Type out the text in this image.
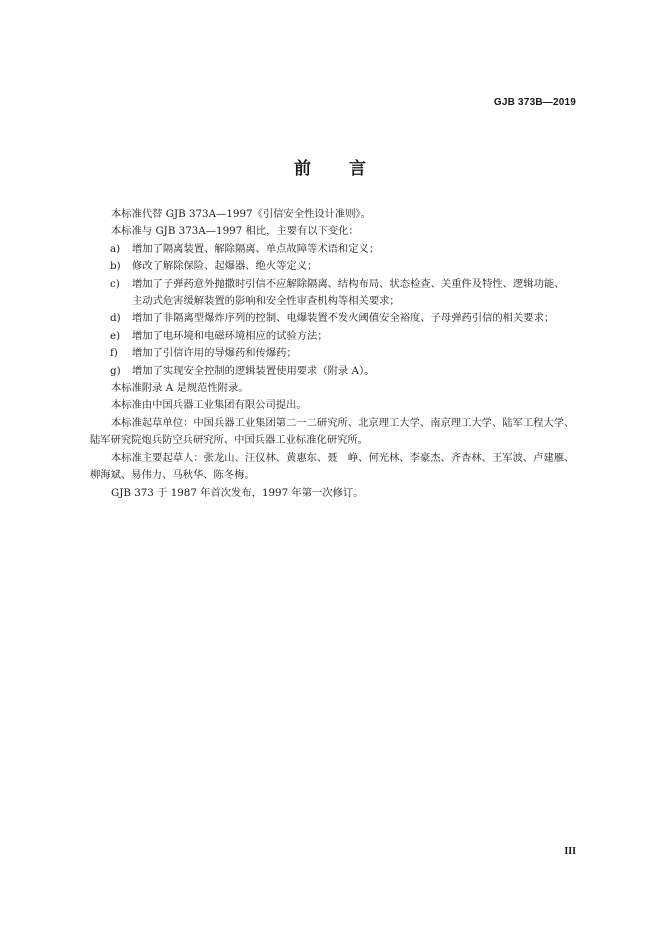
GJB 373B—2019
前 言

本标准代替 GJB 373A—1997《引信安全性设计准则》。

本标准与 GJB 373A—1997 相比，主要有以下变化：

a) 增加了隔离装置、解除隔离、单点故障等术语和定义；
b) 修改了解除保险、起爆器、绝火等定义；
c) 增加了子弹药意外抛撒时引信不应解除隔离、结构布局、状态检查、关重件及特性、逻辑功能、
主动式危害缓解装置的影响和安全性审查机构等相关要求；
d) 增加了非隔离型爆炸序列的控制、电爆装置不发火阈值安全裕度、子母弹药引信的相关要求；
e) 增加了电环境和电磁环境相应的试验方法；
f) 增加了引信许用的导爆药和传爆药；
g) 增加了实现安全控制的逻辑装置使用要求（附录 A）。

本标准附录 A 是规范性附录。

本标准由中国兵器工业集团有限公司提出。

本标准起草单位：中国兵器工业集团第二一二研究所、北京理工大学、南京理工大学、陆军工程大学、陆军研究院炮兵防空兵研究所、中国兵器工业标准化研究所。

本标准主要起草人：张龙山、汪仪林、黄惠东、聂　峥、何光林、李豪杰、齐杏林、王军波、卢建雁、柳海斌、易伟力、马秋华、陈冬梅。

GJB 373 于 1987 年首次发布，1997 年第一次修订。

III
